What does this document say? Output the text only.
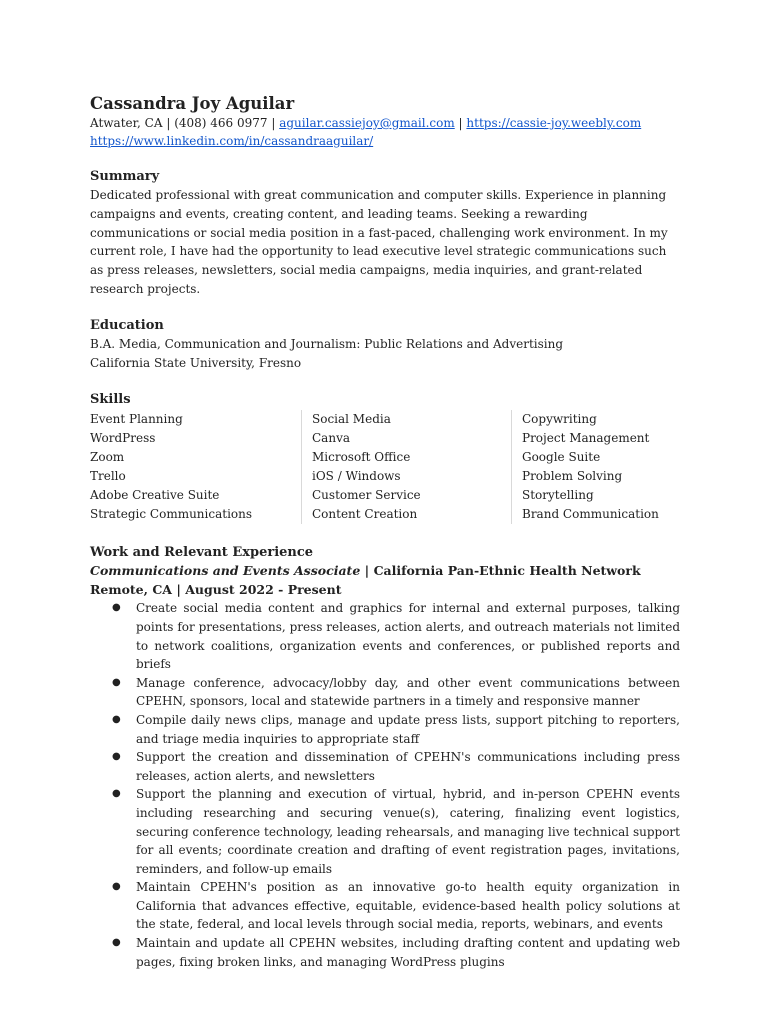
Cassandra Joy Aguilar
Atwater, CA | (408) 466 0977 | aguilar.cassiejoy@gmail.com | https://cassie-joy.weebly.com
https://www.linkedin.com/in/cassandraaguilar/
Summary
Dedicated professional with great communication and computer skills. Experience in planning campaigns and events, creating content, and leading teams. Seeking a rewarding communications or social media position in a fast-paced, challenging work environment. In my current role, I have had the opportunity to lead executive level strategic communications such as press releases, newsletters, social media campaigns, media inquiries, and grant-related research projects.
Education
B.A. Media, Communication and Journalism: Public Relations and Advertising
California State University, Fresno
Skills
Event Planning
WordPress
Zoom
Trello
Adobe Creative Suite
Strategic Communications
Social Media
Canva
Microsoft Office
iOS / Windows
Customer Service
Content Creation
Copywriting
Project Management
Google Suite
Problem Solving
Storytelling
Brand Communication
Work and Relevant Experience
Communications and Events Associate | California Pan-Ethnic Health Network
Remote, CA | August 2022 - Present
● Create social media content and graphics for internal and external purposes, talking points for presentations, press releases, action alerts, and outreach materials not limited to network coalitions, organization events and conferences, or published reports and briefs
● Manage conference, advocacy/lobby day, and other event communications between CPEHN, sponsors, local and statewide partners in a timely and responsive manner
● Compile daily news clips, manage and update press lists, support pitching to reporters, and triage media inquiries to appropriate staff
● Support the creation and dissemination of CPEHN's communications including press releases, action alerts, and newsletters
● Support the planning and execution of virtual, hybrid, and in-person CPEHN events including researching and securing venue(s), catering, finalizing event logistics, securing conference technology, leading rehearsals, and managing live technical support for all events; coordinate creation and drafting of event registration pages, invitations, reminders, and follow-up emails
● Maintain CPEHN's position as an innovative go-to health equity organization in California that advances effective, equitable, evidence-based health policy solutions at the state, federal, and local levels through social media, reports, webinars, and events
● Maintain and update all CPEHN websites, including drafting content and updating web pages, fixing broken links, and managing WordPress plugins
